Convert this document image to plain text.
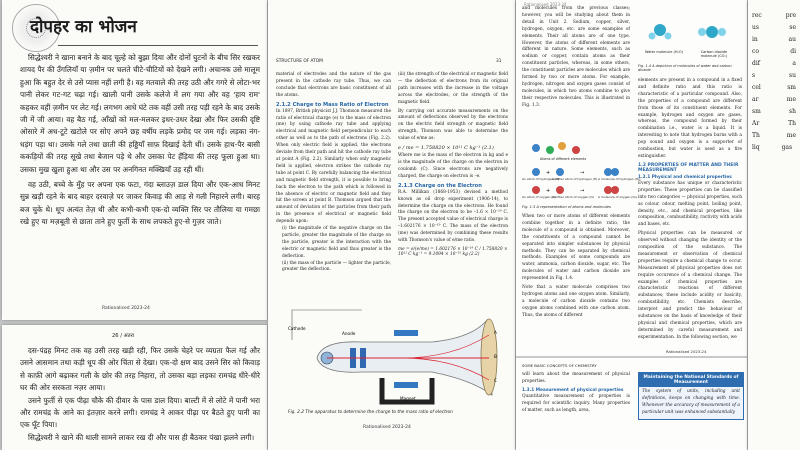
दोपहर का भोजन

सिद्धेश्वरी ने खाना बनाने के बाद चूल्हे को बुझा दिया और दोनों घुटनों के बीच सिर रखकर शायद पैर की उँगलियाँ या ज़मीन पर चलते चीटे-चीटियों को देखने लगी। अचानक उसे मालूम हुआ कि बहुत देर से उसे प्यास नहीं लगी है। वह मतवाले की तरह उठी और गगरे से लोटा-भर पानी लेकर गट-गट चढ़ा गई। खाली पानी उसके कलेजे में लग गया और वह 'हाय राम' कहकर वहीं ज़मीन पर लेट गई। लगभग आधे घंटे तक वहीं उसी तरह पड़ी रहने के बाद उसके जी में जी आया। वह बैठ गई, आँखों को मल-मलकर इधर-उधर देखा और फिर उसकी दृष्टि ओसारे में अध-टूटे खटोले पर सोए अपने छह वर्षीय लड़के प्रमोद पर जम गई। लड़का नंग-धड़ंग पड़ा था। उसके गले तथा छाती की हड्डियाँ साफ़ दिखाई देती थीं। उसके हाथ-पैर बासी ककड़ियों की तरह सूखे तथा बेजान पड़े थे और उसका पेट हँड़िया की तरह फूला हुआ था। उसका मुख खुला हुआ था और उस पर अनगिनत मक्खियाँ उड़ रही थीं।

वह उठी, बच्चे के मुँह पर अपना एक फटा, गंदा ब्लाउज़ डाल दिया और एक-आध मिनट सुन्न खड़ी रहने के बाद बाहर दरवाज़े पर जाकर किवाड़ की आड़ से गली निहारने लगी। बारह बज चुके थे। धूप अत्यंत तेज़ थी और कभी-कभी एक-दो व्यक्ति सिर पर तौलिया या गमछा रखे हुए या मज़बूती से छाता ताने हुए फुर्ती के साथ लपकते हुए-से गुज़र जाते।

Rationalised 2023-24
26 / अंतरा

दस-पंद्रह मिनट तक वह उसी तरह खड़ी रही, फिर उसके चेहरे पर व्यग्रता फैल गई और उसने आसमान तथा कड़ी धूप की ओर चिंता से देखा। एक-दो क्षण बाद उसने सिर को किवाड़ से काफ़ी आगे बढ़ाकर गली के छोर की तरह निहारा, तो उसका बड़ा लड़का रामचंद्र धीरे-धीरे घर की ओर सरकता नज़र आया।

उसने फुर्ती से एक पीढ़ा चौके की दीवार के पास डाल दिया। बाल्टी में से लोटे में पानी भरा और रामचंद्र के आने का इंतज़ार करने लगी। रामचंद्र ने आकर पीढ़ा पर बैठते हुए पानी का एक घूँट पिया।

सिद्धेश्वरी ने खाने की थाली सामने लाकर रख दी और पास ही बैठकर पंखा झलने लगी।

STRUCTURE OF ATOM	31

material of electrodes and the nature of the gas present in the cathode ray tube. Thus, we can conclude that electrons are basic constituent of all the atoms.

2.1.2 Charge to Mass Ratio of Electron

In 1897, British physicist J.J. Thomson measured the ratio of electrical charge (e) to the mass of electron (me) by using cathode ray tube and applying electrical and magnetic field perpendicular to each other as well as to the path of electrons (Fig. 2.2). When only electric field is applied, the electrons deviate from their path and hit the cathode ray tube at point A (Fig. 2.2). Similarly when only magnetic field is applied, electron strikes the cathode ray tube at point C. By carefully balancing the electrical and magnetic field strength, it is possible to bring back the electron to the path which is followed in the absence of electric or magnetic field and they hit the screen at point B. Thomson argued that the amount of deviation of the particles from their path in the presence of electrical or magnetic field depends upon:

(i) the magnitude of the negative charge on the particle, greater the magnitude of the charge on the particle, greater is the interaction with the electric or magnetic field and thus greater is the deflection.

(ii) the mass of the particle — lighter the particle, greater the deflection.

(iii) the strength of the electrical or magnetic field — the deflection of electrons from its original path increases with the increase in the voltage across the electrodes, or the strength of the magnetic field.

By carrying out accurate measurements on the amount of deflections observed by the electrons on the electric field strength or magnetic field strength, Thomson was able to determine the value of e/me as:

e / me = 1.758820 × 10¹¹ C kg⁻¹ (2.1)

Where me is the mass of the electron in kg and e is the magnitude of the charge on the electron in coulomb (C). Since electrons are negatively charged, the charge on electron is –e.

2.1.3 Charge on the Electron

R.A. Millikan (1868-1953) devised a method known as oil drop experiment (1906-14), to determine the charge on the electrons. He found the charge on the electron to be –1.6 × 10⁻¹⁹ C. The present accepted value of electrical charge is –1.602176 × 10⁻¹⁹ C. The mass of the electron (me) was determined by combining these results with Thomson's value of e/me ratio.

me = e/(e/me) = 1.602176 × 10⁻¹⁹ C / 1.758820 × 10¹¹ C kg⁻¹ = 9.1094 × 10⁻³¹ kg (2.2)

Cathode
Anode
Magnet
A
B
C
Fig. 2.2 The apparatus to determine the charge to the mass ratio of electron
Rationalised 2023-24
Rationalised 2023-24

and molecules from the previous classes; however, you will be studying about them in detail in Unit 2. Sodium, copper, silver, hydrogen, oxygen, etc. are some examples of elements. Their all atoms are of one type. However, the atoms of different elements are different in nature. Some elements, such as sodium or copper, contain atoms as their constituent particles, whereas, in some others, the constituent particles are molecules which are formed by two or more atoms. For example, hydrogen, nitrogen and oxygen gases consist of molecules, in which two atoms combine to give their respective molecules. This is illustrated in Fig. 1.3.

+	→
+	→
Atoms of different elements
An atom of hydrogen (H)
Another atom of hydrogen (H) A molecule of hydrogen (H₂)
An atom of oxygen (O)
Another atom of oxygen (O) A molecule of oxygen (O₂)
Fig. 1.3 A representation of atoms and molecules

When two or more atoms of different elements combine together in a definite ratio, the molecule of a compound is obtained. Moreover, the constituents of a compound cannot be separated into simpler substances by physical methods. They can be separated by chemical methods. Examples of some compounds are water, ammonia, carbon dioxide, sugar, etc. The molecules of water and carbon dioxide are represented in Fig. 1.4.

Note that a water molecule comprises two hydrogen atoms and one oxygen atom. Similarly, a molecule of carbon dioxide contains two oxygen atoms combined with one carbon atom. Thus, the atoms of different

Water molecule (H₂O)	Carbon dioxide molecule (CO₂)
Fig. 1.4 A depiction of molecules of water and carbon dioxide

elements are present in a compound in a fixed and definite ratio and this ratio is characteristic of a particular compound. Also, the properties of a compound are different from those of its constituent elements. For example, hydrogen and oxygen are gases, whereas, the compound formed by their combination i.e., water is a liquid. It is interesting to note that hydrogen burns with a pop sound and oxygen is a supporter of combustion, but water is used as a fire extinguisher.

1.2 PROPERTIES OF MATTER AND THEIR MEASUREMENT
1.2.1 Physical and chemical properties

Every substance has unique or characteristic properties. These properties can be classified into two categories — physical properties, such as colour, odour, melting point, boiling point, density, etc., and chemical properties, like composition, combustibility, ractivity with acids and bases, etc.

Physical properties can be measured or observed without changing the identity or the composition of the substance. The measurement or observation of chemical properties require a chemical change to occur. Measurement of physical properties does not require occurence of a chemical change. The examples of chemical properties are characteristic reactions of different substances; these include acidity or basicity, combustibility, etc. Chemists describe, interpret and predict the behaviour of substances on the basis of knowledge of their physical and chemical properties, which are determined by careful measurement and experimentation. In the following section, we

Rationalised 2023-24
SOME BASIC CONCEPTS OF CHEMISTRY

will learn about the measurement of physical properties.

1.3.1 Measurement of physical properties

Quantitative measurement of properties is required for scientific inquiry. Many properties of matter, such as length, area,

Maintaining the National Standards of Measurement

The system of units, including unit definitions, keeps on changing with time. Whenever the accuracy of measurement of a particular unit was enhanced substantially

rec pre us se in au co di dif a s su cel sm ar me sm sh Ar Th Th me liq gas
